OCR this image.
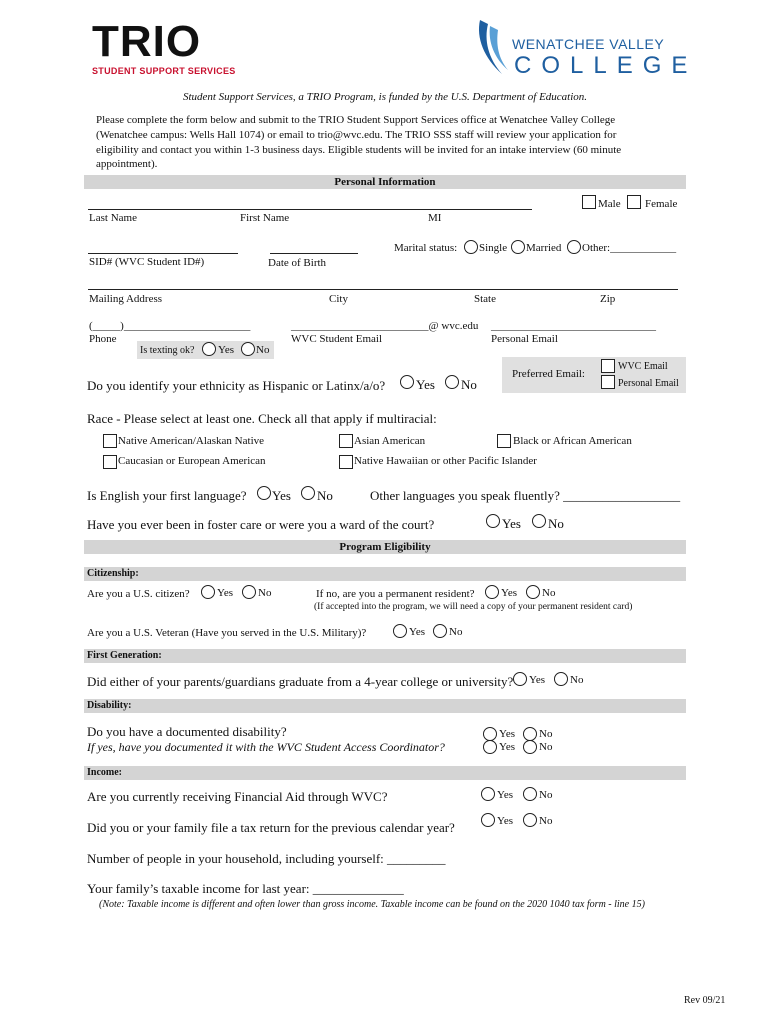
TRIO
STUDENT SUPPORT SERVICES
WENATCHEE VALLEY
COLLEGE
Student Support Services, a TRIO Program, is funded by the U.S. Department of Education.
Please complete the form below and submit to the TRIO Student Support Services office at Wenatchee Valley College
(Wenatchee campus: Wells Hall 1074) or email to trio@wvc.edu. The TRIO SSS staff will review your application for
eligibility and contact you within 1-3 business days. Eligible students will be invited for an intake interview (60 minute
appointment).
Personal Information
Male Female
Last Name	First Name	MI
Marital status: Single Married Other:____________
SID# (WVC Student ID#)	Date of Birth
Mailing Address	City	State	Zip
(_____)_______________________	_________________________@ wvc.edu ______________________________
Phone	WVC Student Email	Personal Email
Is texting ok? Yes No
Preferred Email:
WVC Email
Personal Email
Do you identify your ethnicity as Hispanic or Latinx/a/o? Yes No
Race - Please select at least one. Check all that apply if multiracial:
Native American/Alaskan Native	Asian American	Black or African American
Caucasian or European American	Native Hawaiian or other Pacific Islander
Is English your first language? Yes No	Other languages you speak fluently? __________________
Have you ever been in foster care or were you a ward of the court?	Yes No
Program Eligibility
Citizenship:
Are you a U.S. citizen? Yes No	If no, are you a permanent resident? Yes No
(If accepted into the program, we will need a copy of your permanent resident card)
Are you a U.S. Veteran (Have you served in the U.S. Military)?	Yes No
First Generation:
Did either of your parents/guardians graduate from a 4-year college or university? Yes No
Disability:
Do you have a documented disability?
If yes, have you documented it with the WVC Student Access Coordinator?
Yes No
Yes No
Income:
Are you currently receiving Financial Aid through WVC?	Yes No
Did you or your family file a tax return for the previous calendar year?	Yes No
Number of people in your household, including yourself: _________
Your family’s taxable income for last year: ______________
(Note: Taxable income is different and often lower than gross income. Taxable income can be found on the 2020 1040 tax form - line 15)
Rev 09/21
